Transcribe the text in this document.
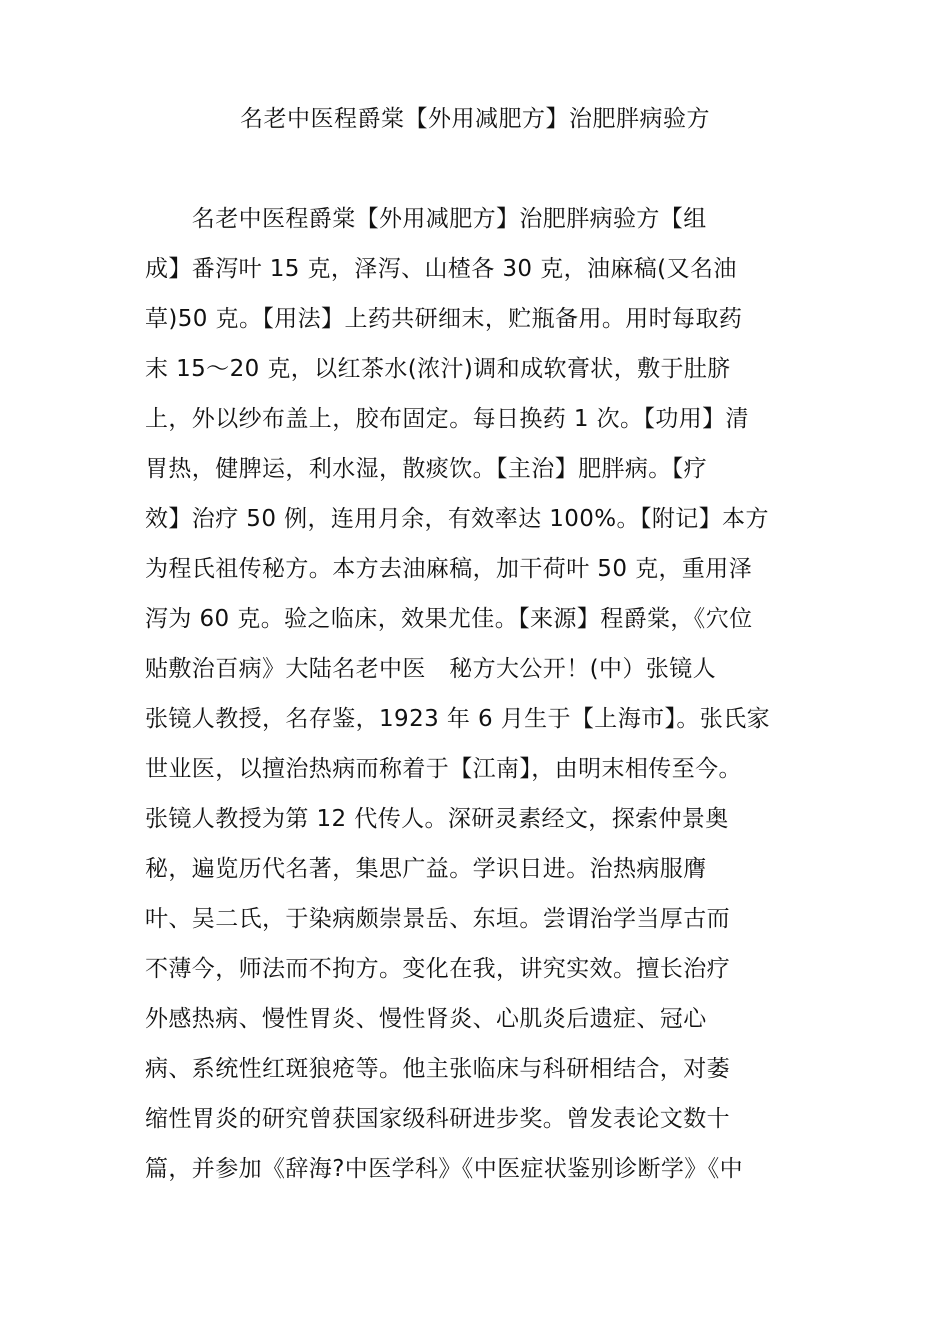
名老中医程爵棠【外用减肥方】治肥胖病验方
　　名老中医程爵棠【外用减肥方】治肥胖病验方【组
成】番泻叶 15 克，泽泻、山楂各 30 克，油麻稿(又名油
草)50 克。【用法】上药共研细末，贮瓶备用。用时每取药
末 15～20 克，以红茶水(浓汁)调和成软膏状，敷于肚脐
上，外以纱布盖上，胶布固定。每日换药 1 次。【功用】清
胃热，健脾运，利水湿，散痰饮。【主治】肥胖病。【疗
效】治疗 50 例，连用月余，有效率达 100%。【附记】本方
为程氏祖传秘方。本方去油麻稿，加干荷叶 50 克，重用泽
泻为 60 克。验之临床，效果尤佳。【来源】程爵棠，《穴位
贴敷治百病》大陆名老中医　秘方大公开！(中）张镜人
张镜人教授，名存鉴，1923 年 6 月生于【上海市】。张氏家
世业医，以擅治热病而称着于【江南】，由明末相传至今。
张镜人教授为第 12 代传人。深研灵素经文，探索仲景奥
秘，遍览历代名著，集思广益。学识日进。治热病服膺
叶、吴二氏，于染病颇崇景岳、东垣。尝谓治学当厚古而
不薄今，师法而不拘方。变化在我，讲究实效。擅长治疗
外感热病、慢性胃炎、慢性肾炎、心肌炎后遗症、冠心
病、系统性红斑狼疮等。他主张临床与科研相结合，对萎
缩性胃炎的研究曾获国家级科研进步奖。曾发表论文数十
篇，并参加《辞海?中医学科》《中医症状鉴别诊断学》《中
